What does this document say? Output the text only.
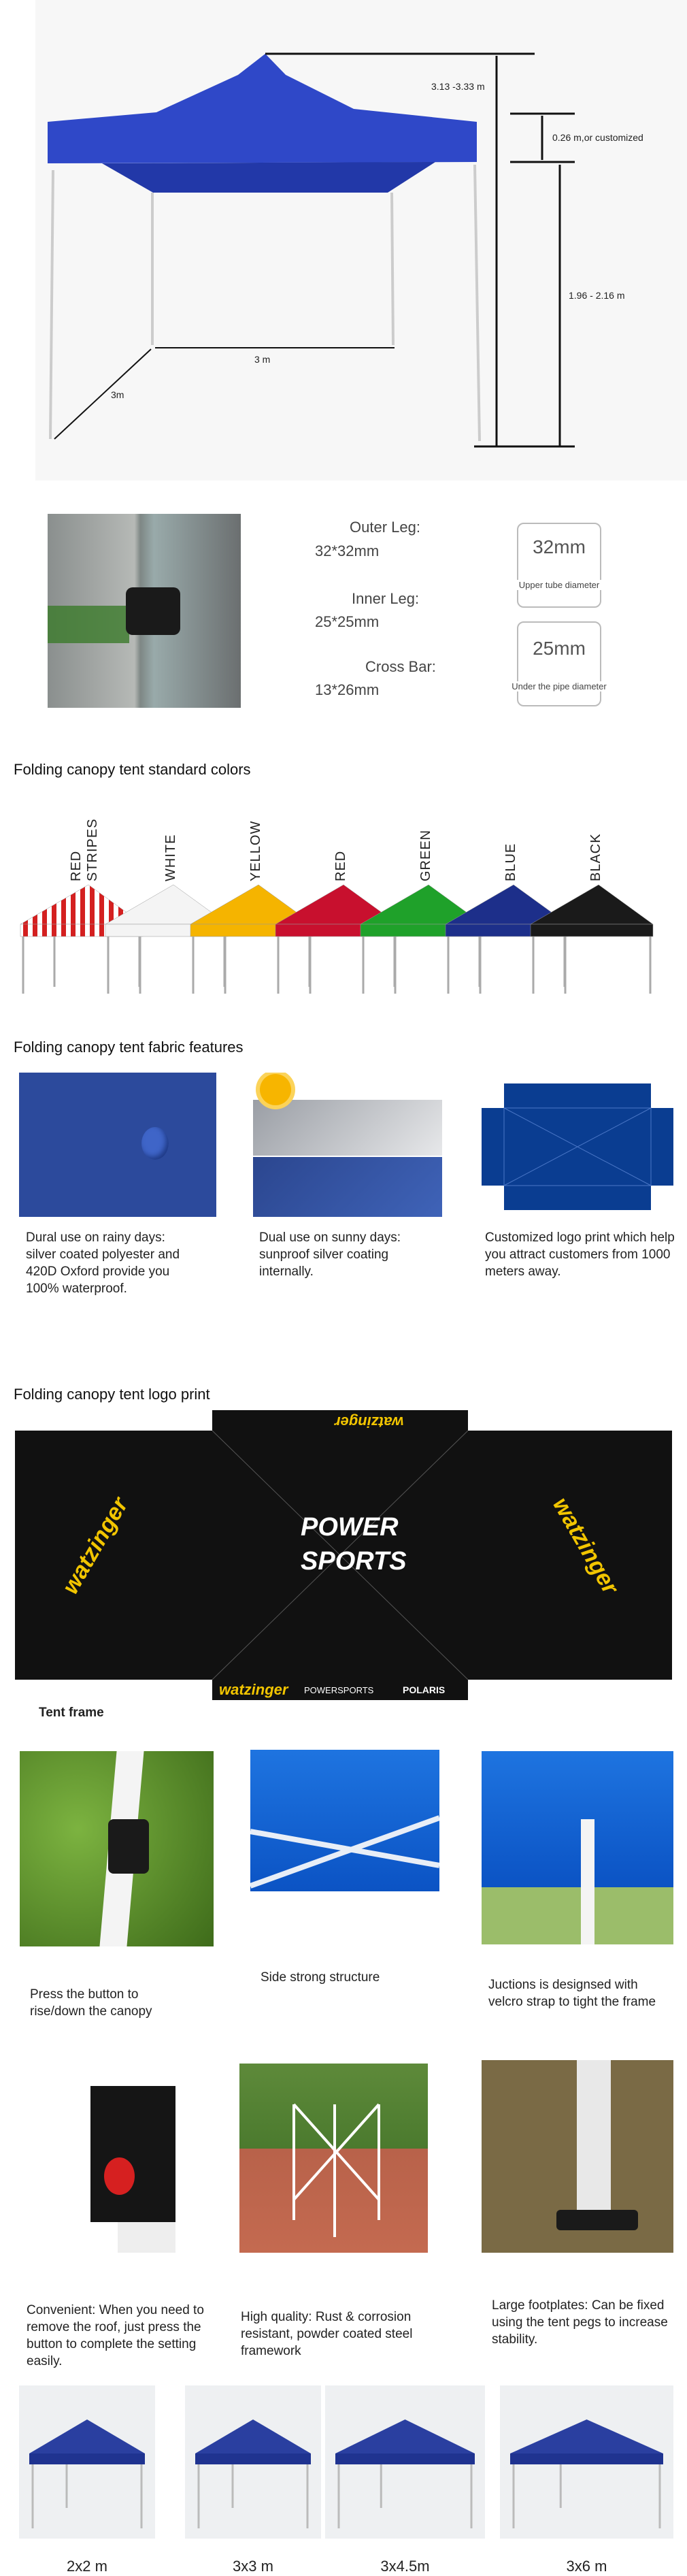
3.13 -3.33 m
0.26 m,or customized
1.96 - 2.16 m
3 m
3m
Outer Leg:
32*32mm
Inner Leg:
25*25mm
Cross Bar:
13*26mm
32mm
Upper tube diameter
25mm
Under the pipe diameter
Folding canopy tent standard colors
RED STRIPES	WHITE	YELLOW	RED	GREEN	BLUE	BLACK
Folding canopy tent fabric features
Dural use on rainy days: silver coated polyester and 420D Oxford provide you 100% waterproof.
Dual use on sunny days: sunproof silver coating internally.
Customized logo print which help you attract customers from 1000 meters away.
Folding canopy tent logo print
watzinger
POWER
SPORTS
watzinger POWERSPORTS	POLARIS
watzinger	watzinger
Tent frame
Press the button to rise/down the canopy
Side strong structure
Juctions is designsed with velcro strap to tight the frame
Convenient: When you need to remove the roof, just press the button to complete the setting easily.
High quality: Rust & corrosion resistant, powder coated steel framework
Large footplates: Can be fixed using the tent pegs to increase stability.
2x2 m	3x3 m	3x4.5m	3x6 m
